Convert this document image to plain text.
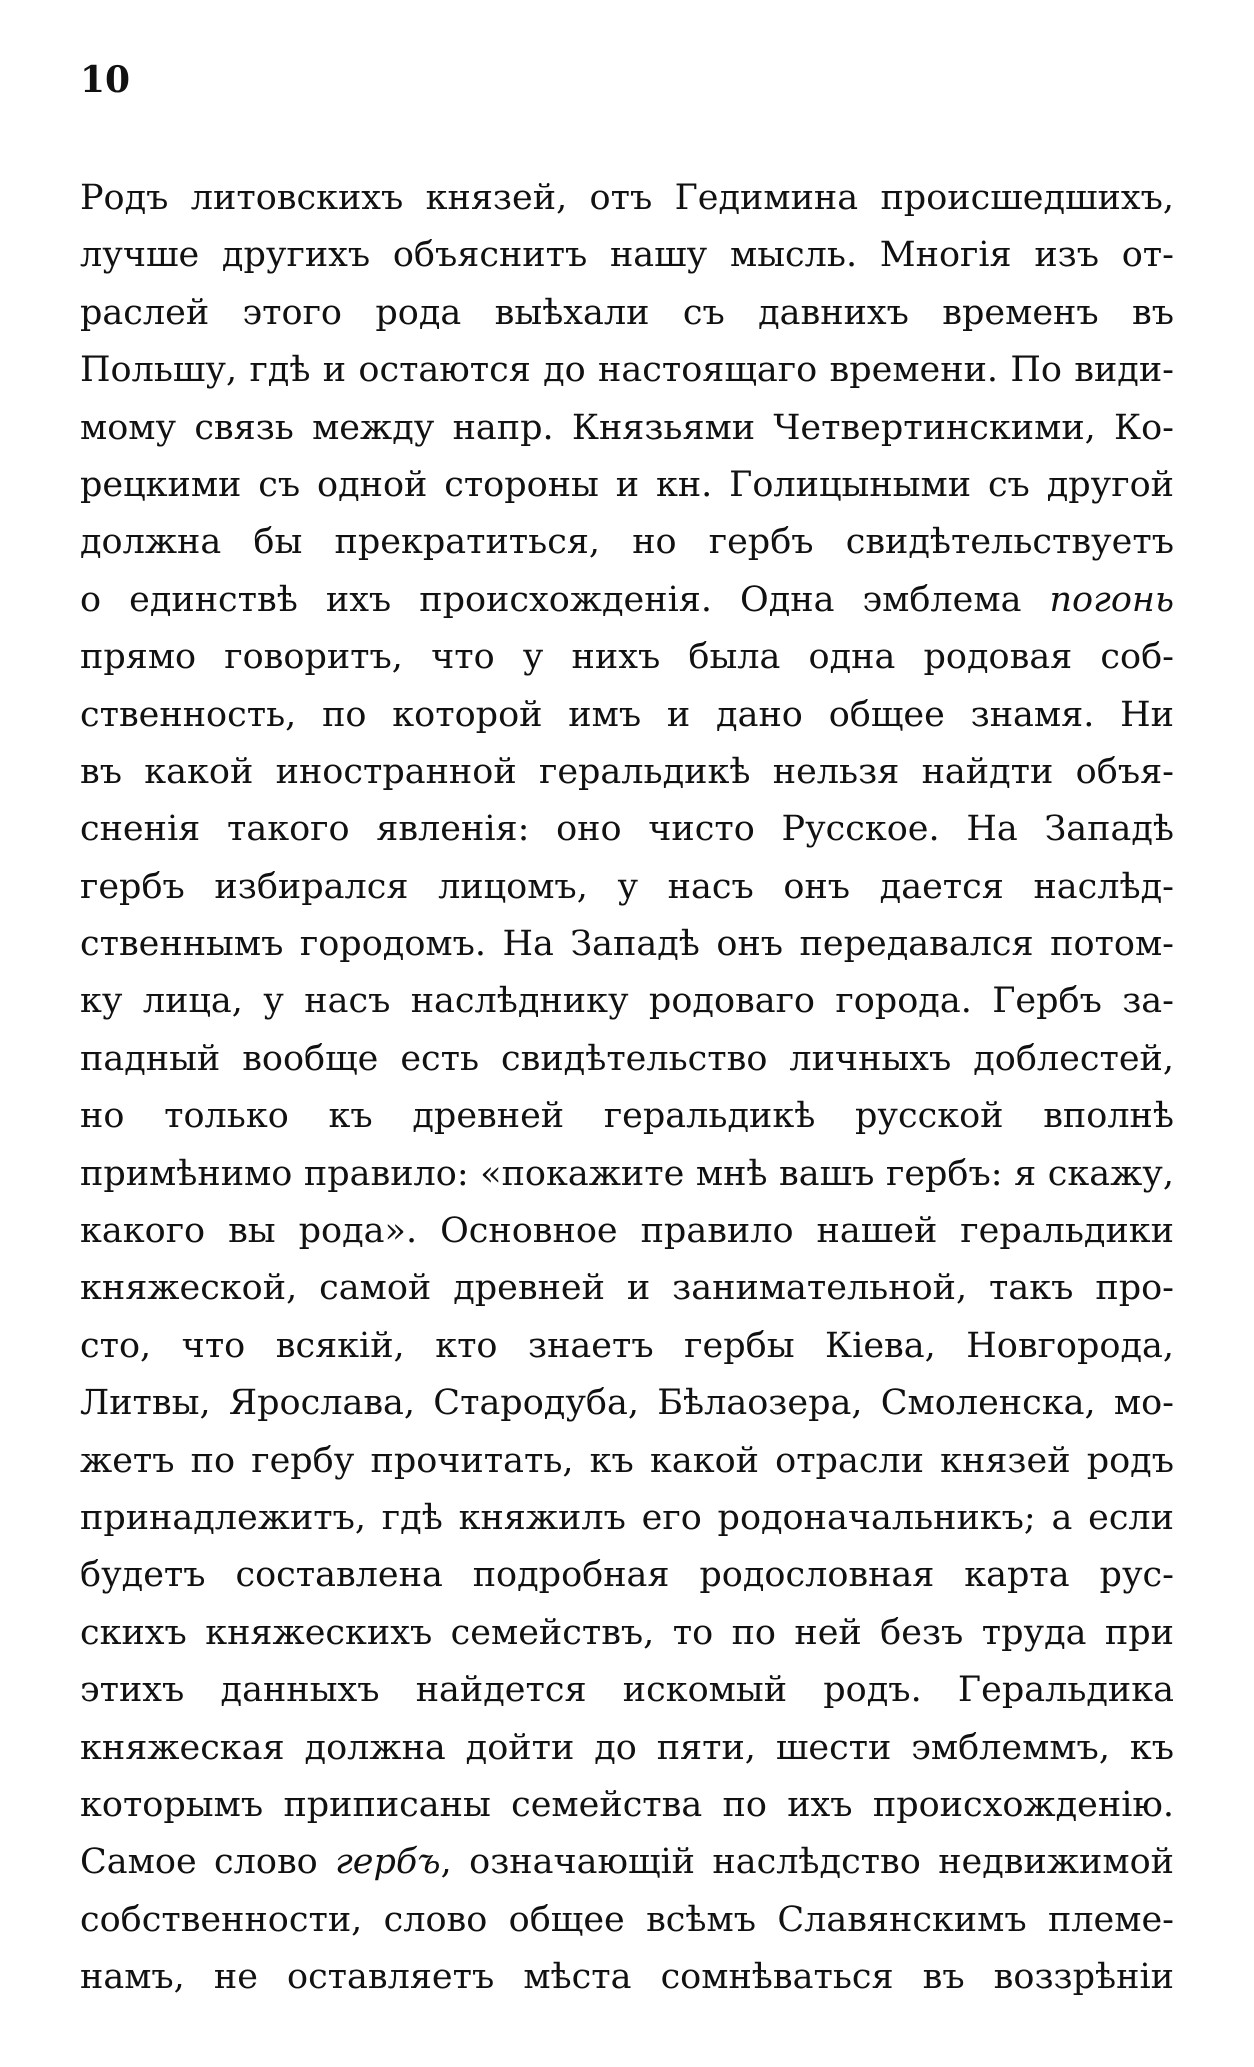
10
Родъ литовскихъ князей, отъ Гедимина происшедшихъ,
лучше другихъ объяснитъ нашу мысль. Многія изъ от-
раслей этого рода выѣхали съ давнихъ временъ въ
Польшу, гдѣ и остаются до настоящаго времени. По види-
мому связь между напр. Князьями Четвертинскими, Ко-
рецкими съ одной стороны и кн. Голицыными съ другой
должна бы прекратиться, но гербъ свидѣтельствуетъ
о единствѣ ихъ происхожденія. Одна эмблема погонь
прямо говоритъ, что у нихъ была одна родовая соб-
ственность, по которой имъ и дано общее знамя. Ни
въ какой иностранной геральдикѣ нельзя найдти объя-
сненія такого явленія: оно чисто Русское. На Западѣ
гербъ избирался лицомъ, у насъ онъ дается наслѣд-
ственнымъ городомъ. На Западѣ онъ передавался потом-
ку лица, у насъ наслѣднику родоваго города. Гербъ за-
падный вообще есть свидѣтельство личныхъ доблестей,
но только къ древней геральдикѣ русской вполнѣ
примѣнимо правило: «покажите мнѣ вашъ гербъ: я скажу,
какого вы рода». Основное правило нашей геральдики
княжеской, самой древней и занимательной, такъ про-
сто, что всякій, кто знаетъ гербы Кіева, Новгорода,
Литвы, Ярослава, Стародуба, Бѣлаозера, Смоленска, мо-
жетъ по гербу прочитать, къ какой отрасли князей родъ
принадлежитъ, гдѣ княжилъ его родоначальникъ; а если
будетъ составлена подробная родословная карта рус-
скихъ княжескихъ семействъ, то по ней безъ труда при
этихъ данныхъ найдется искомый родъ. Геральдика
княжеская должна дойти до пяти, шести эмблеммъ, къ
которымъ приписаны семейства по ихъ происхожденію.
Самое слово гербъ, означающій наслѣдство недвижимой
собственности, слово общее всѣмъ Славянскимъ племе-
намъ, не оставляетъ мѣста сомнѣваться въ воззрѣніи
